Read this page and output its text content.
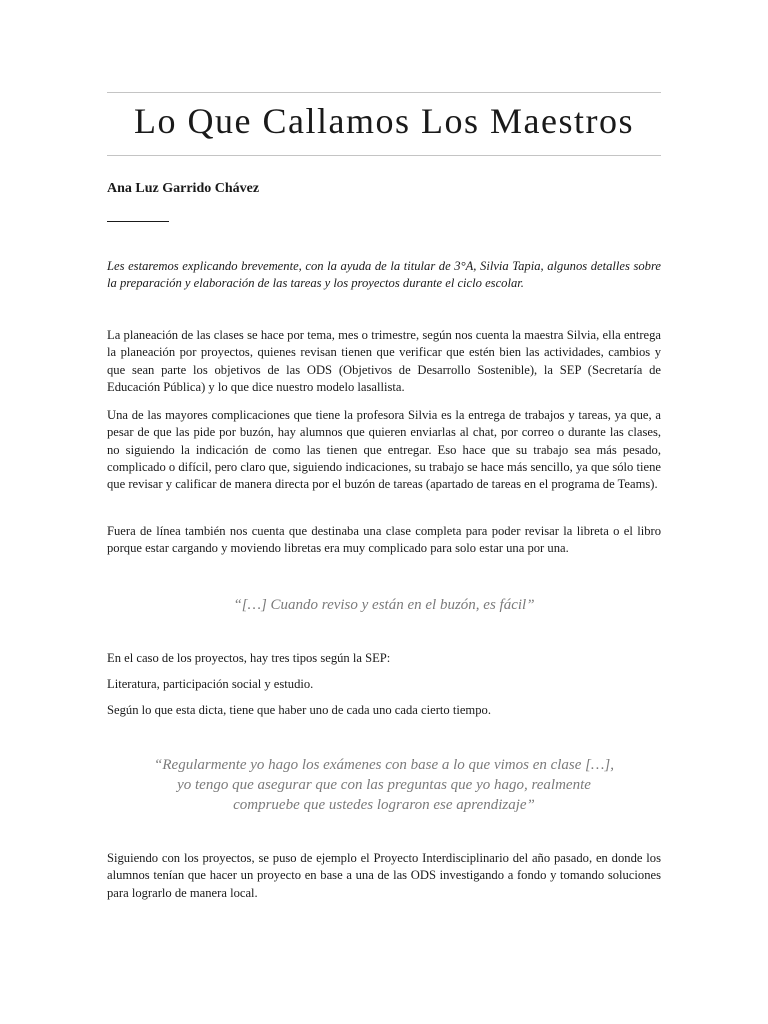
Lo Que Callamos Los Maestros

Ana Luz Garrido Chávez

Les estaremos explicando brevemente, con la ayuda de la titular de 3°A, Silvia Tapia, algunos detalles sobre la preparación y elaboración de las tareas y los proyectos durante el ciclo escolar.

La planeación de las clases se hace por tema, mes o trimestre, según nos cuenta la maestra Silvia, ella entrega la planeación por proyectos, quienes revisan tienen que verificar que estén bien las actividades, cambios y que sean parte los objetivos de las ODS (Objetivos de Desarrollo Sostenible), la SEP (Secretaría de Educación Pública) y lo que dice nuestro modelo lasallista.

Una de las mayores complicaciones que tiene la profesora Silvia es la entrega de trabajos y tareas, ya que, a pesar de que las pide por buzón, hay alumnos que quieren enviarlas al chat, por correo o durante las clases, no siguiendo la indicación de como las tienen que entregar. Eso hace que su trabajo sea más pesado, complicado o difícil, pero claro que, siguiendo indicaciones, su trabajo se hace más sencillo, ya que sólo tiene que revisar y calificar de manera directa por el buzón de tareas (apartado de tareas en el programa de Teams).

Fuera de línea también nos cuenta que destinaba una clase completa para poder revisar la libreta o el libro porque estar cargando y moviendo libretas era muy complicado para solo estar una por una.

“[…] Cuando reviso y están en el buzón, es fácil”

En el caso de los proyectos, hay tres tipos según la SEP:

Literatura, participación social y estudio.

Según lo que esta dicta, tiene que haber uno de cada uno cada cierto tiempo.

“Regularmente yo hago los exámenes con base a lo que vimos en clase […],
yo tengo que asegurar que con las preguntas que yo hago, realmente
compruebe que ustedes lograron ese aprendizaje”

Siguiendo con los proyectos, se puso de ejemplo el Proyecto Interdisciplinario del año pasado, en donde los alumnos tenían que hacer un proyecto en base a una de las ODS investigando a fondo y tomando soluciones para lograrlo de manera local.
